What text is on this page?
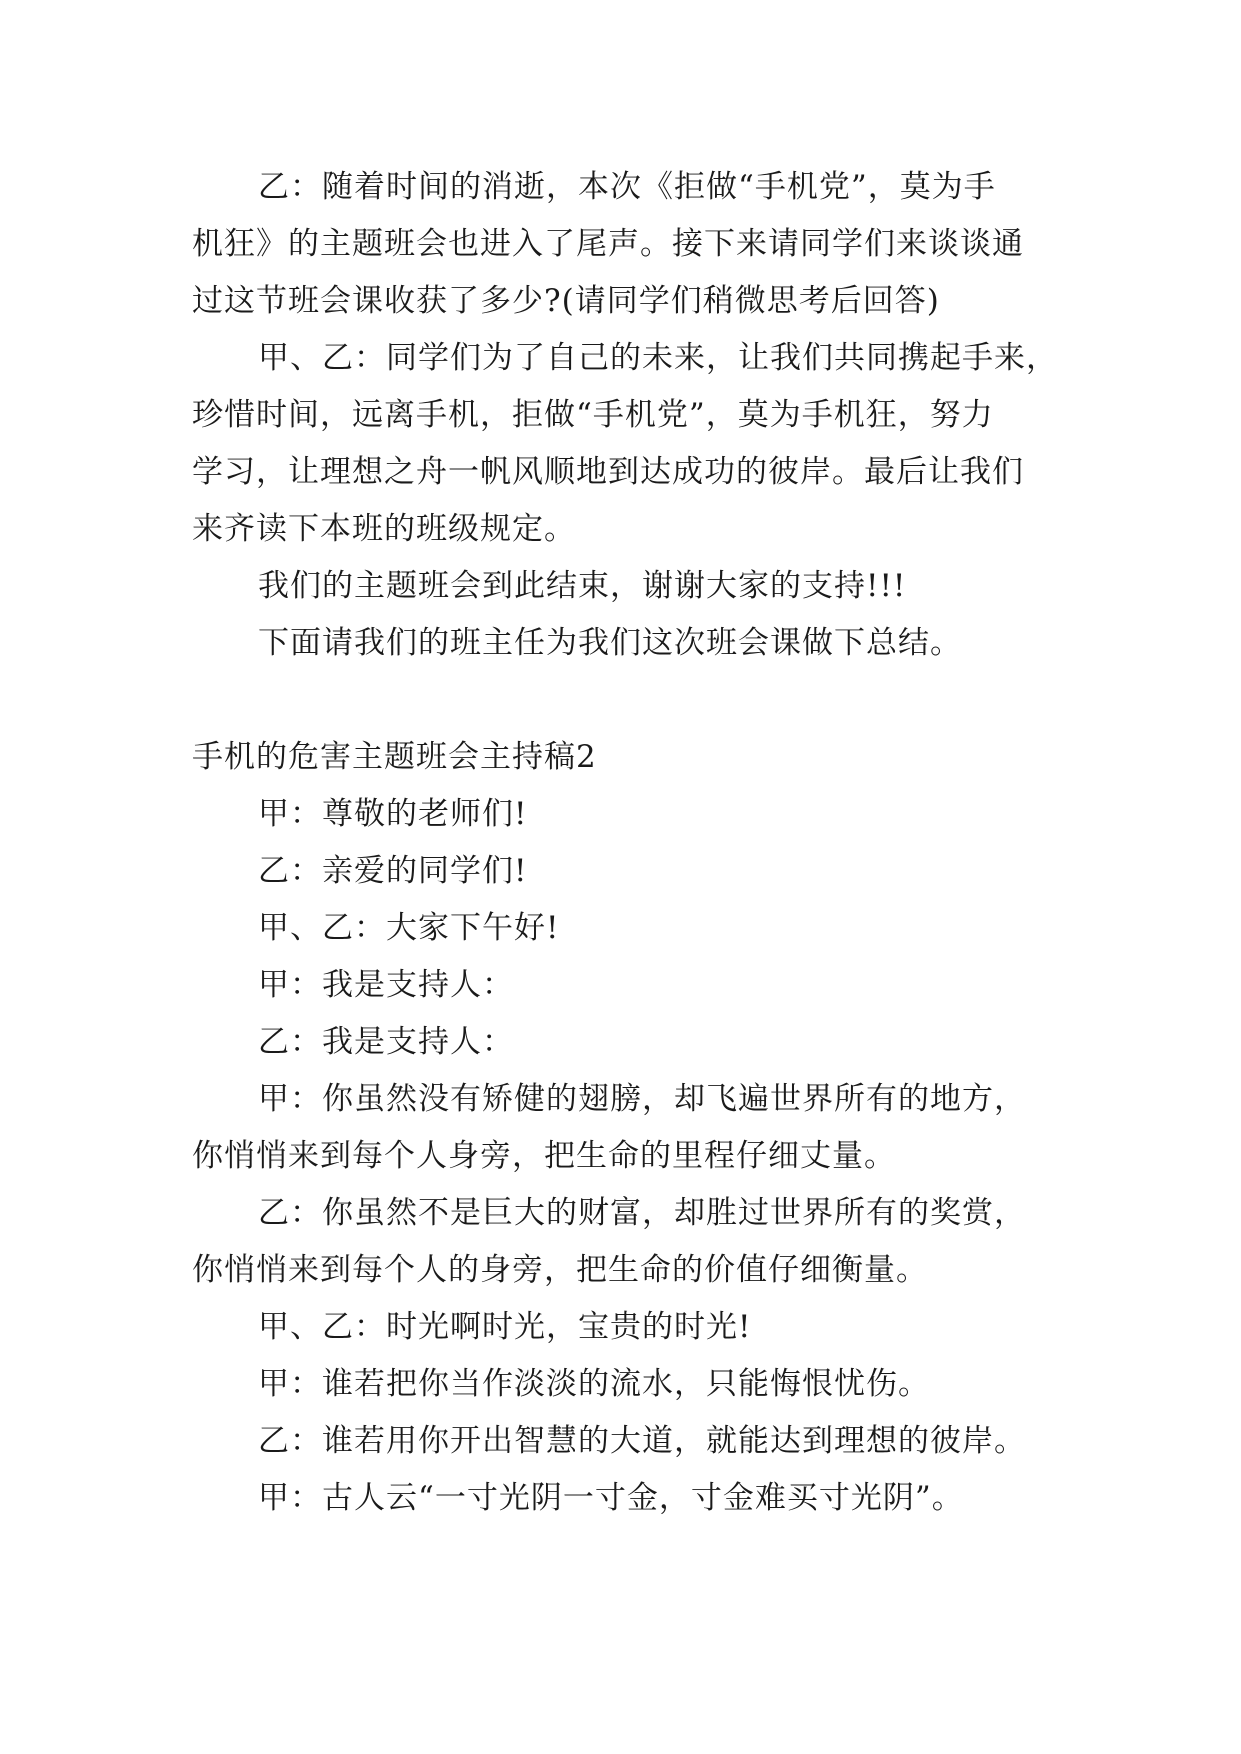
乙：随着时间的消逝，本次《拒做“手机党”，莫为手

机狂》的主题班会也进入了尾声。接下来请同学们来谈谈通

过这节班会课收获了多少?(请同学们稍微思考后回答)

甲、乙：同学们为了自己的未来，让我们共同携起手来，

珍惜时间，远离手机，拒做“手机党”，莫为手机狂，努力

学习，让理想之舟一帆风顺地到达成功的彼岸。最后让我们

来齐读下本班的班级规定。

我们的主题班会到此结束，谢谢大家的支持!!!

下面请我们的班主任为我们这次班会课做下总结。

手机的危害主题班会主持稿2

甲：尊敬的老师们!

乙：亲爱的同学们!

甲、乙：大家下午好!

甲：我是支持人：

乙：我是支持人：

甲：你虽然没有矫健的翅膀，却飞遍世界所有的地方，

你悄悄来到每个人身旁，把生命的里程仔细丈量。

乙：你虽然不是巨大的财富，却胜过世界所有的奖赏，

你悄悄来到每个人的身旁，把生命的价值仔细衡量。

甲、乙：时光啊时光，宝贵的时光!

甲：谁若把你当作淡淡的流水，只能悔恨忧伤。

乙：谁若用你开出智慧的大道，就能达到理想的彼岸。

甲：古人云“一寸光阴一寸金，寸金难买寸光阴”。
